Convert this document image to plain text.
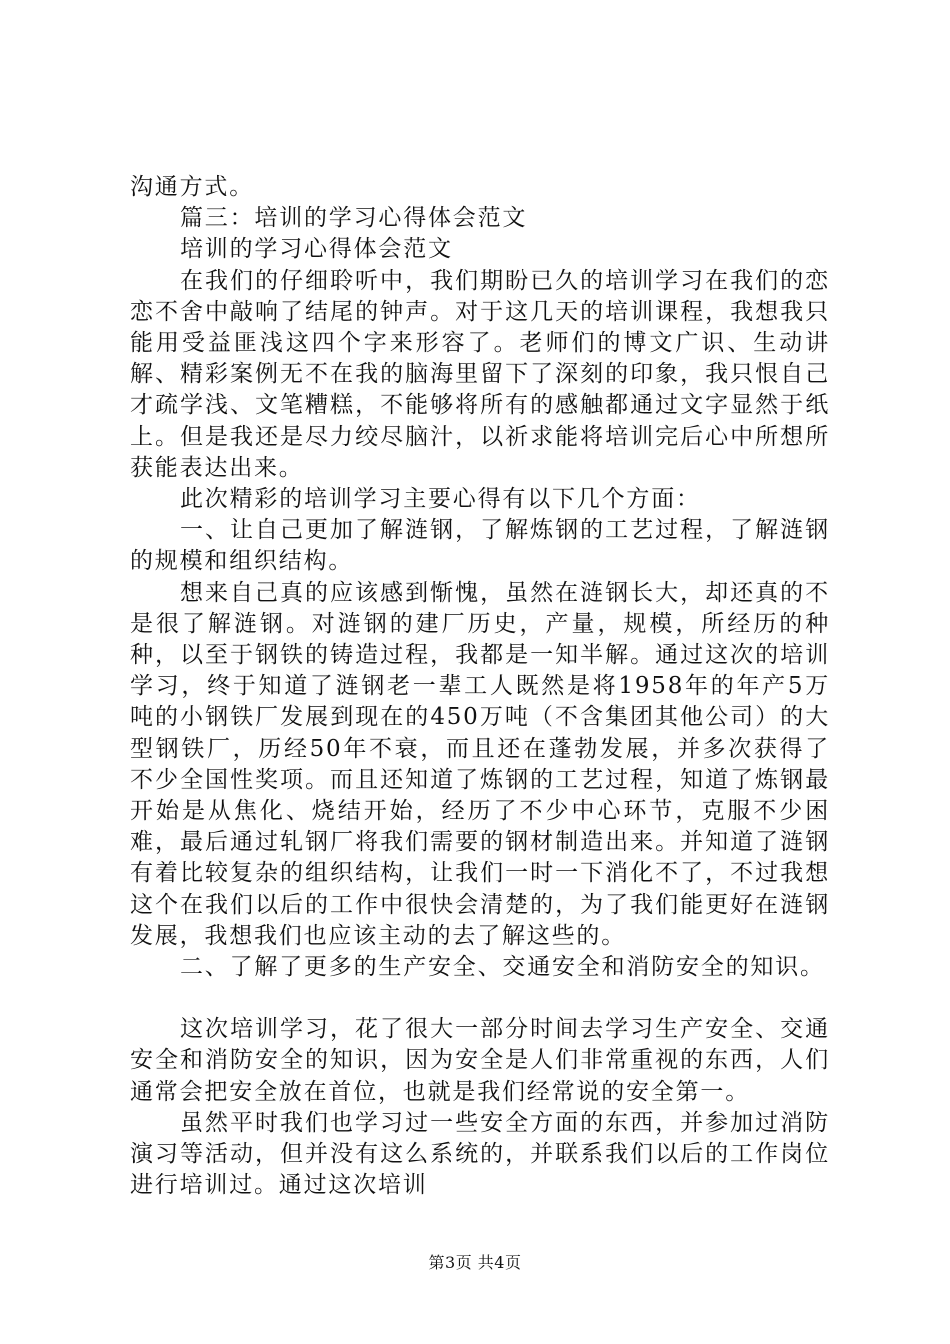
沟通方式。

篇三：培训的学习心得体会范文

培训的学习心得体会范文

在我们的仔细聆听中，我们期盼已久的培训学习在我们的恋恋不舍中敲响了结尾的钟声。对于这几天的培训课程，我想我只能用受益匪浅这四个字来形容了。老师们的博文广识、生动讲解、精彩案例无不在我的脑海里留下了深刻的印象，我只恨自己才疏学浅、文笔糟糕，不能够将所有的感触都通过文字显然于纸上。但是我还是尽力绞尽脑汁，以祈求能将培训完后心中所想所获能表达出来。

此次精彩的培训学习主要心得有以下几个方面：

一、让自己更加了解涟钢，了解炼钢的工艺过程，了解涟钢的规模和组织结构。

想来自己真的应该感到惭愧，虽然在涟钢长大，却还真的不是很了解涟钢。对涟钢的建厂历史，产量，规模，所经历的种种，以至于钢铁的铸造过程，我都是一知半解。通过这次的培训学习，终于知道了涟钢老一辈工人既然是将1958年的年产5万吨的小钢铁厂发展到现在的450万吨（不含集团其他公司）的大型钢铁厂，历经50年不衰，而且还在蓬勃发展，并多次获得了不少全国性奖项。而且还知道了炼钢的工艺过程，知道了炼钢最开始是从焦化、烧结开始，经历了不少中心环节，克服不少困难，最后通过轧钢厂将我们需要的钢材制造出来。并知道了涟钢有着比较复杂的组织结构，让我们一时一下消化不了，不过我想这个在我们以后的工作中很快会清楚的，为了我们能更好在涟钢发展，我想我们也应该主动的去了解这些的。

二、了解了更多的生产安全、交通安全和消防安全的知识。

这次培训学习，花了很大一部分时间去学习生产安全、交通安全和消防安全的知识，因为安全是人们非常重视的东西，人们通常会把安全放在首位，也就是我们经常说的安全第一。

虽然平时我们也学习过一些安全方面的东西，并参加过消防演习等活动，但并没有这么系统的，并联系我们以后的工作岗位进行培训过。通过这次培训

第3页 共4页
